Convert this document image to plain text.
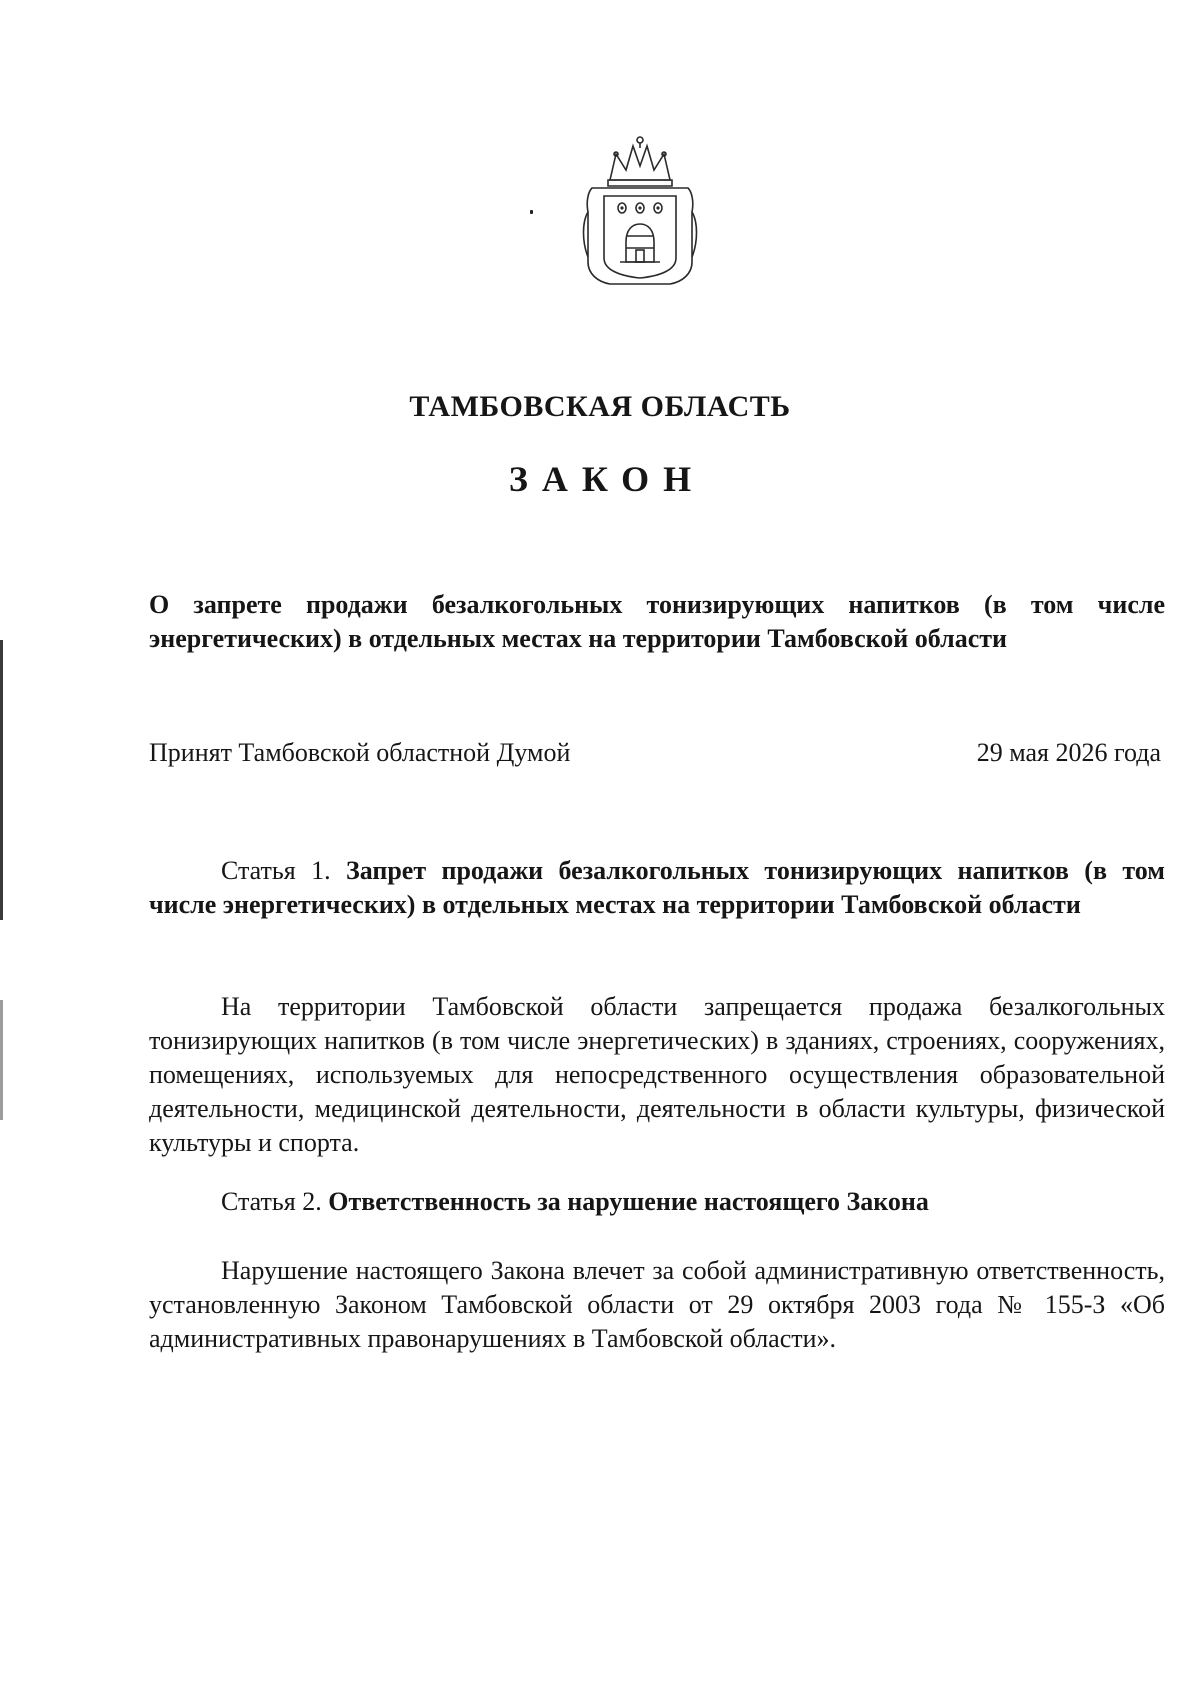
ТАМБОВСКАЯ ОБЛАСТЬ
ЗАКОН
О запрете продажи безалкогольных тонизирующих напитков (в том числе энергетических) в отдельных местах на территории Тамбовской области
Принят Тамбовской областной Думой	29 мая 2026 года
Статья 1. Запрет продажи безалкогольных тонизирующих напитков (в том числе энергетических) в отдельных местах на территории Тамбовской области
На территории Тамбовской области запрещается продажа безалкогольных тонизирующих напитков (в том числе энергетических) в зданиях, строениях, сооружениях, помещениях, используемых для непосредственного осуществления образовательной деятельности, медицинской деятельности, деятельности в области культуры, физической культуры и спорта.
Статья 2. Ответственность за нарушение настоящего Закона
Нарушение настоящего Закона влечет за собой административную ответственность, установленную Законом Тамбовской области от 29 октября 2003 года № 155-З «Об административных правонарушениях в Тамбовской области».
